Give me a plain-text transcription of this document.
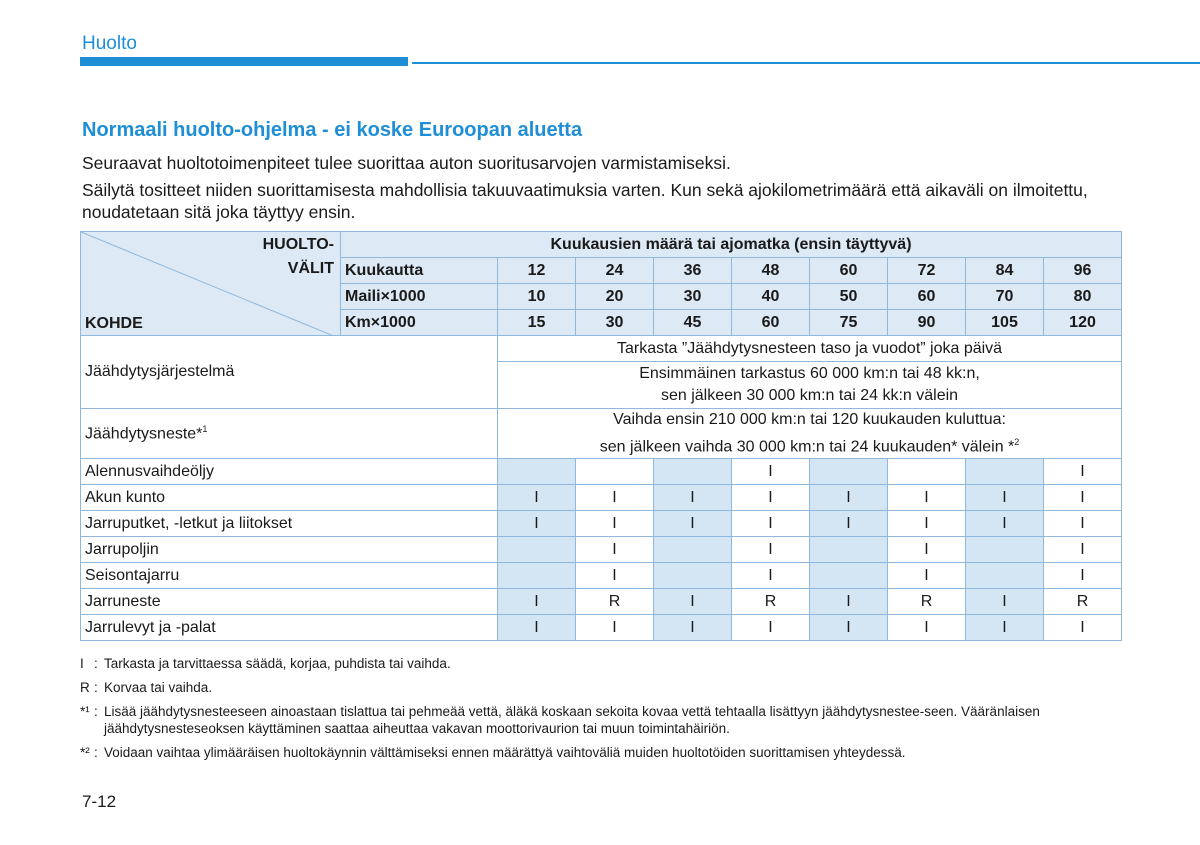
Huolto
Normaali huolto-ohjelma - ei koske Euroopan aluetta
Seuraavat huoltotoimenpiteet tulee suorittaa auton suoritusarvojen varmistamiseksi.
Säilytä tositteet niiden suorittamisesta mahdollisia takuuvaatimuksia varten. Kun sekä ajokilometrimäärä että aikaväli on ilmoitettu, noudatetaan sitä joka täyttyy ensin.
HUOLTO-
VÄLIT
KOHDE	Kuukausien määrä tai ajomatka (ensin täyttyvä)								
	Kuukautta	12	24	36	48	60	72	84	96
	Maili×1000	10	20	30	40	50	60	70	80
	Km×1000	15	30	45	60	75	90	105	120
Jäähdytysjärjestelmä		Tarkasta ”Jäähdytysnesteen taso ja vuodot” joka päivä							

		Ensimmäinen tarkastus 60 000 km:n tai 48 kk:n,
sen jälkeen 30 000 km:n tai 24 kk:n välein							

Jäähdytysneste*$^1$		Vaihda ensin 210 000 km:n tai 120 kuukauden kuluttua:
sen jälkeen vaihda 30 000 km:n tai 24 kuukauden* välein *$^2$

Alennusvaihdeöljy					I				I
Akun kunto		I	I	I	I	I	I	I	I
Jarruputket, -letkut ja liitokset		I	I	I	I	I	I	I	I
Jarrupoljin			I		I		I		I
Seisontajarru			I		I		I		I
Jarruneste		I	R	I	R	I	R	I	R
Jarrulevyt ja -palat		I	I	I	I	I	I	I	I
I : Tarkasta ja tarvittaessa säädä, korjaa, puhdista tai vaihda.
R : Korvaa tai vaihda.
*¹ : Lisää jäähdytysnesteeseen ainoastaan tislattua tai pehmeää vettä, äläkä koskaan sekoita kovaa vettä tehtaalla lisättyyn jäähdytysnestee-seen. Vääränlaisen jäähdytysnesteseoksen käyttäminen saattaa aiheuttaa vakavan moottorivaurion tai muun toimintahäiriön.
*² : Voidaan vaihtaa ylimääräisen huoltokäynnin välttämiseksi ennen määrättyä vaihtoväliä muiden huoltotöiden suorittamisen yhteydessä.
7-12
